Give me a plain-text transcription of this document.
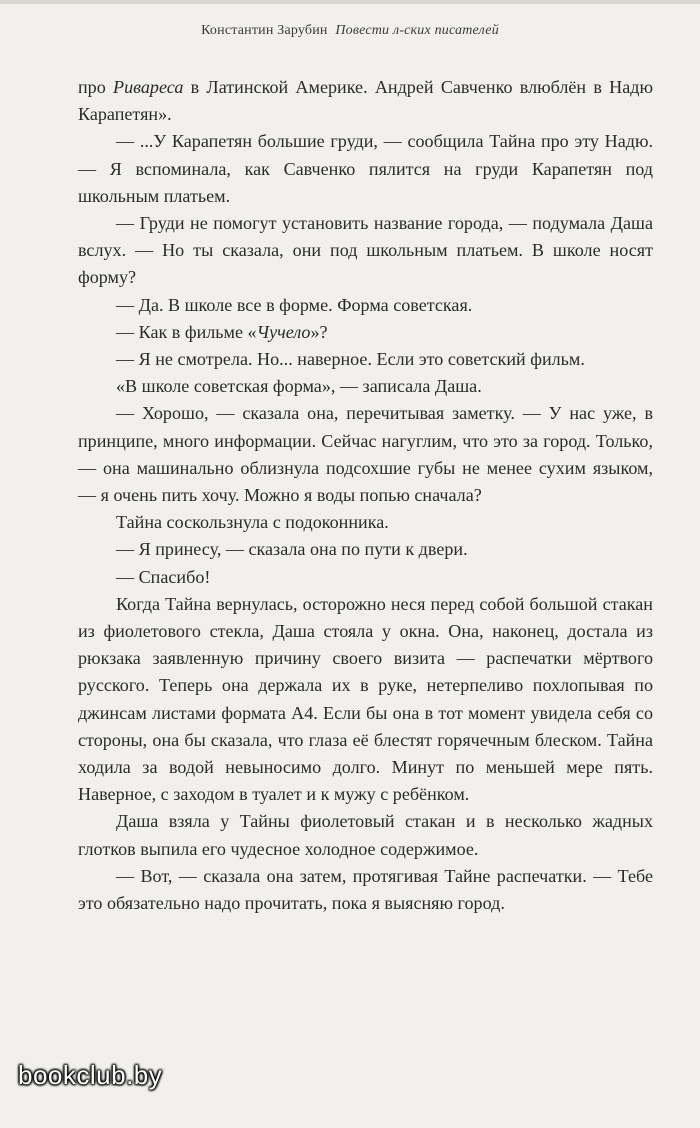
Константин Зарубин Повести л-ских писателей

про Ривареса в Латинской Америке. Андрей Савченко влюблён в Надю Карапетян».

— ...У Карапетян большие груди, — сообщила Тайна про эту Надю. — Я вспоминала, как Савченко пялится на груди Карапетян под школьным платьем.

— Груди не помогут установить название города, — подумала Даша вслух. — Но ты сказала, они под школьным платьем. В школе носят форму?

— Да. В школе все в форме. Форма советская.

— Как в фильме «Чучело»?

— Я не смотрела. Но... наверное. Если это советский фильм.

«В школе советская форма», — записала Даша.

— Хорошо, — сказала она, перечитывая заметку. — У нас уже, в принципе, много информации. Сейчас нагуглим, что это за город. Только, — она машинально облизнула подсохшие губы не менее сухим языком, — я очень пить хочу. Можно я воды попью сначала?

Тайна соскользнула с подоконника.

— Я принесу, — сказала она по пути к двери.

— Спасибо!

Когда Тайна вернулась, осторожно неся перед собой большой стакан из фиолетового стекла, Даша стояла у окна. Она, наконец, достала из рюкзака заявленную причину своего визита — распечатки мёртвого русского. Теперь она держала их в руке, нетерпеливо похлопывая по джинсам листами формата А4. Если бы она в тот момент увидела себя со стороны, она бы сказала, что глаза её блестят горячечным блеском. Тайна ходила за водой невыносимо долго. Минут по меньшей мере пять. Наверное, с заходом в туалет и к мужу с ребёнком.

Даша взяла у Тайны фиолетовый стакан и в несколько жадных глотков выпила его чудесное холодное содержимое.

— Вот, — сказала она затем, протягивая Тайне распечатки. — Тебе это обязательно надо прочитать, пока я выясняю город.

bookclub.by
